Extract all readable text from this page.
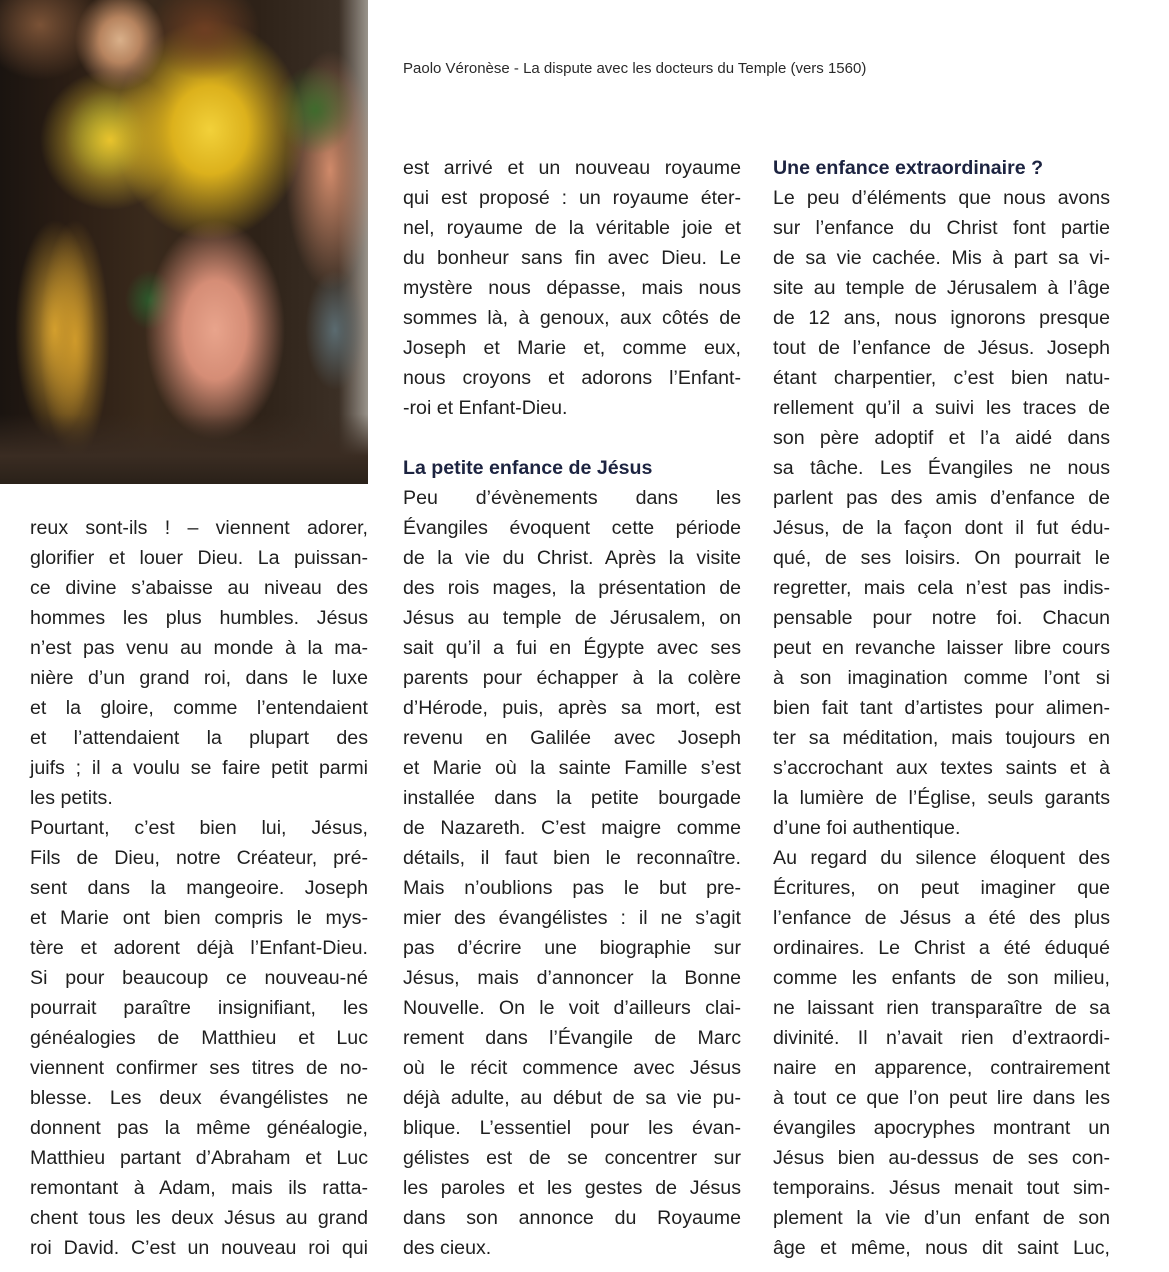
Paolo Véronèse - La dispute avec les docteurs du Temple (vers 1560)

reux sont-ils ! – viennent adorer,
glorifier et louer Dieu. La puissan-
ce divine s’abaisse au niveau des
hommes les plus humbles. Jésus
n’est pas venu au monde à la ma-
nière d’un grand roi, dans le luxe
et la gloire, comme l’entendaient
et l’attendaient la plupart des
juifs ; il a voulu se faire petit parmi
les petits.

Pourtant, c’est bien lui, Jésus,
Fils de Dieu, notre Créateur, pré-
sent dans la mangeoire. Joseph
et Marie ont bien compris le mys-
tère et adorent déjà l’Enfant-Dieu.
Si pour beaucoup ce nouveau-né
pourrait paraître insignifiant, les
généalogies de Matthieu et Luc
viennent confirmer ses titres de no-
blesse. Les deux évangélistes ne
donnent pas la même généalogie,
Matthieu partant d’Abraham et Luc
remontant à Adam, mais ils ratta-
chent tous les deux Jésus au grand
roi David. C’est un nouveau roi qui

est arrivé et un nouveau royaume
qui est proposé : un royaume éter-
nel, royaume de la véritable joie et
du bonheur sans fin avec Dieu. Le
mystère nous dépasse, mais nous
sommes là, à genoux, aux côtés de
Joseph et Marie et, comme eux,
nous croyons et adorons l’Enfant-
-roi et Enfant-Dieu.

La petite enfance de Jésus

Peu d’évènements dans les
Évangiles évoquent cette période
de la vie du Christ. Après la visite
des rois mages, la présentation de
Jésus au temple de Jérusalem, on
sait qu’il a fui en Égypte avec ses
parents pour échapper à la colère
d’Hérode, puis, après sa mort, est
revenu en Galilée avec Joseph
et Marie où la sainte Famille s’est
installée dans la petite bourgade
de Nazareth. C’est maigre comme
détails, il faut bien le reconnaître.
Mais n’oublions pas le but pre-
mier des évangélistes : il ne s’agit
pas d’écrire une biographie sur
Jésus, mais d’annoncer la Bonne
Nouvelle. On le voit d’ailleurs clai-
rement dans l’Évangile de Marc
où le récit commence avec Jésus
déjà adulte, au début de sa vie pu-
blique. L’essentiel pour les évan-
gélistes est de se concentrer sur
les paroles et les gestes de Jésus
dans son annonce du Royaume
des cieux.

Une enfance extraordinaire ?

Le peu d’éléments que nous avons
sur l’enfance du Christ font partie
de sa vie cachée. Mis à part sa vi-
site au temple de Jérusalem à l’âge
de 12 ans, nous ignorons presque
tout de l’enfance de Jésus. Joseph
étant charpentier, c’est bien natu-
rellement qu’il a suivi les traces de
son père adoptif et l’a aidé dans
sa tâche. Les Évangiles ne nous
parlent pas des amis d’enfance de
Jésus, de la façon dont il fut édu-
qué, de ses loisirs. On pourrait le
regretter, mais cela n’est pas indis-
pensable pour notre foi. Chacun
peut en revanche laisser libre cours
à son imagination comme l’ont si
bien fait tant d’artistes pour alimen-
ter sa méditation, mais toujours en
s’accrochant aux textes saints et à
la lumière de l’Église, seuls garants
d’une foi authentique.

Au regard du silence éloquent des
Écritures, on peut imaginer que
l’enfance de Jésus a été des plus
ordinaires. Le Christ a été éduqué
comme les enfants de son milieu,
ne laissant rien transparaître de sa
divinité. Il n’avait rien d’extraordi-
naire en apparence, contrairement
à tout ce que l’on peut lire dans les
évangiles apocryphes montrant un
Jésus bien au-dessus de ses con-
temporains. Jésus menait tout sim-
plement la vie d’un enfant de son
âge et même, nous dit saint Luc,
